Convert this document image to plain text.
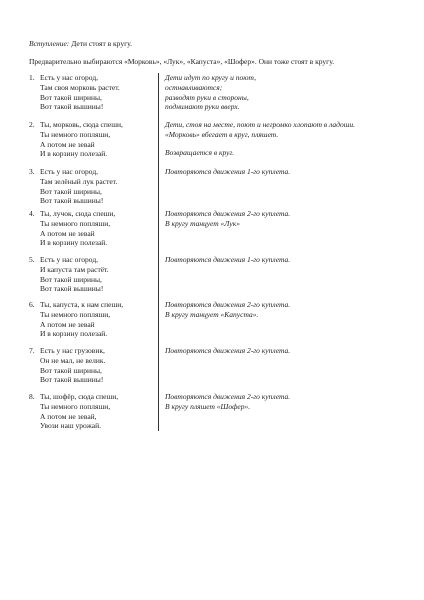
Вступление: Дети стоят в кругу.
Предварительно выбираются «Морковь», «Лук», «Капуста», «Шофер». Они тоже стоят в кругу.
1. Есть у нас огород,
Там своя морковь растет.
Вот такой ширины,
Вот такой вышины!
Дети идут по кругу и поют,
остнавливаются;
разводят руки в стороны,
поднимают руки вверх.
2. Ты, морковь, сюда спеши,
Ты немного попляши,
А потом не зевай
И в корзину полезай.
Дети, стоя на месте, поют и негромко хлопают в ладоши.
«Морковь» вбегает в круг, пляшет.
Возвращается в круг.
3. Есть у нас огород,
Там зелёный лук растет.
Вот такой ширины,
Вот такой вышины!
Повторяются движения 1-го куплета.
4. Ты, лучок, сюда спеши,
Ты немного попляши,
А потом не зевай
И в корзину полезай.
Повторяются движения 2-го куплета.
В кругу танцует «Лук»
5. Есть у нас огород,
И капуста там растёт.
Вот такой ширины,
Вот такой вышины!
Повторяются движения 1-го куплета.
6. Ты, капуста, к нам спеши,
Ты немного попляши,
А потом не зевай
И в корзину полезай.
Повторяются движения 2-го куплета.
В кругу танцует «Капуста».
7. Есть у нас грузовик,
Он не мал, не велик.
Вот такой ширины,
Вот такой вышины!
Повторяются движения 2-го куплета.
8. Ты, шофёр, сюда спеши,
Ты немного попляши,
А потом не зевай,
Увози наш урожай.
Повторяются движения 2-го куплета.
В кругу пляшет «Шофер».
